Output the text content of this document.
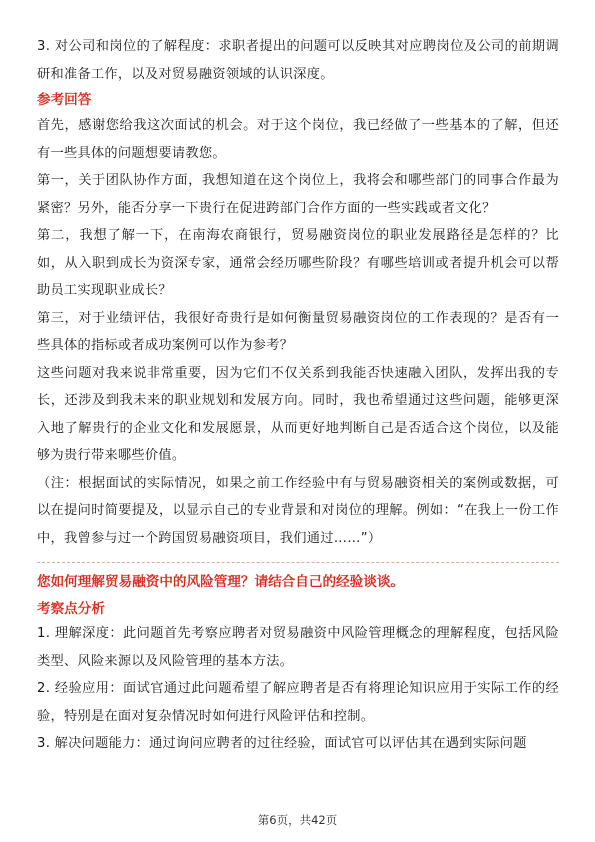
3. 对公司和岗位的了解程度：求职者提出的问题可以反映其对应聘岗位及公司的前期调研和准备工作，以及对贸易融资领域的认识深度。

参考回答

首先，感谢您给我这次面试的机会。对于这个岗位，我已经做了一些基本的了解，但还有一些具体的问题想要请教您。

第一，关于团队协作方面，我想知道在这个岗位上，我将会和哪些部门的同事合作最为紧密？另外，能否分享一下贵行在促进跨部门合作方面的一些实践或者文化？

第二，我想了解一下，在南海农商银行，贸易融资岗位的职业发展路径是怎样的？比如，从入职到成长为资深专家，通常会经历哪些阶段？有哪些培训或者提升机会可以帮助员工实现职业成长？

第三，对于业绩评估，我很好奇贵行是如何衡量贸易融资岗位的工作表现的？是否有一些具体的指标或者成功案例可以作为参考？

这些问题对我来说非常重要，因为它们不仅关系到我能否快速融入团队，发挥出我的专长，还涉及到我未来的职业规划和发展方向。同时，我也希望通过这些问题，能够更深入地了解贵行的企业文化和发展愿景，从而更好地判断自己是否适合这个岗位，以及能够为贵行带来哪些价值。

（注：根据面试的实际情况，如果之前工作经验中有与贸易融资相关的案例或数据，可以在提问时简要提及，以显示自己的专业背景和对岗位的理解。例如：“在我上一份工作中，我曾参与过一个跨国贸易融资项目，我们通过……”）

您如何理解贸易融资中的风险管理？请结合自己的经验谈谈。

考察点分析

1. 理解深度：此问题首先考察应聘者对贸易融资中风险管理概念的理解程度，包括风险类型、风险来源以及风险管理的基本方法。

2. 经验应用：面试官通过此问题希望了解应聘者是否有将理论知识应用于实际工作的经验，特别是在面对复杂情况时如何进行风险评估和控制。

3. 解决问题能力：通过询问应聘者的过往经验，面试官可以评估其在遇到实际问题

第6页，共42页
